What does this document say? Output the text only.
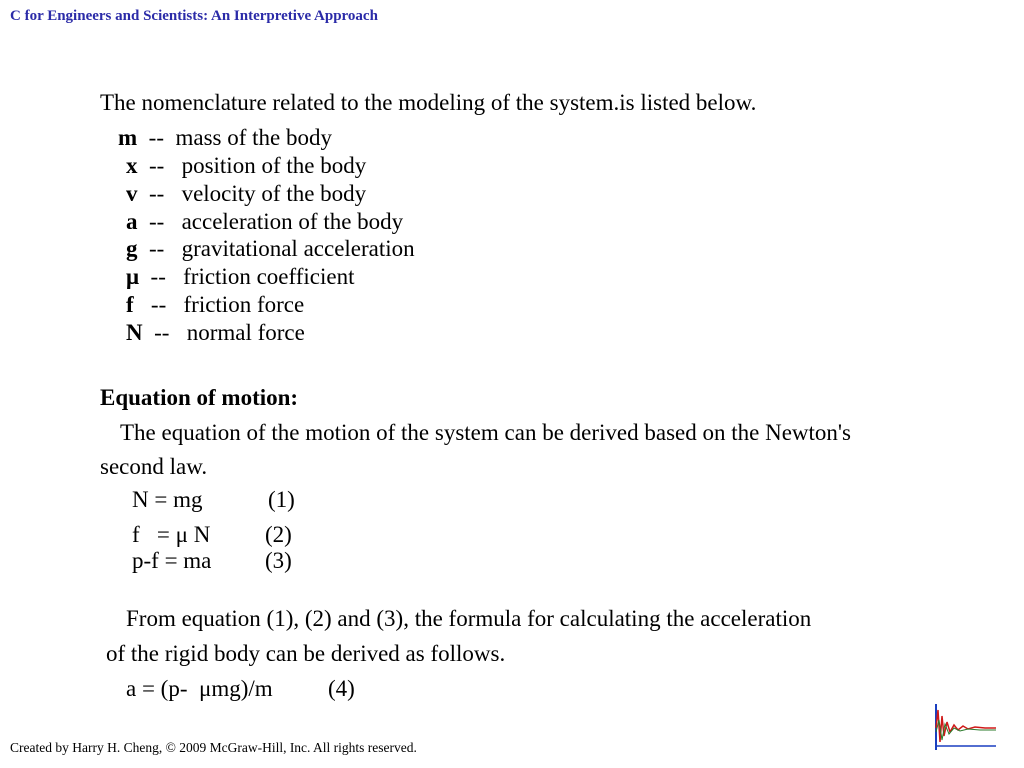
C for Engineers and Scientists: An Interpretive Approach
The nomenclature related to the modeling of the system.is listed below.
m -- mass of the body
x -- position of the body
v -- velocity of the body
a -- acceleration of the body
g -- gravitational acceleration
μ -- friction coefficient
f -- friction force
N -- normal force
Equation of motion:
The equation of the motion of the system can be derived based on the Newton's
second law.
N = mg	(1)
f   = μ N (2)
p-f = ma (3)
From equation (1), (2) and (3), the formula for calculating the acceleration
of the rigid body can be derived as follows.
a = (p-  μmg)/m (4)
Created by Harry H. Cheng, © 2009 McGraw-Hill, Inc. All rights reserved.
